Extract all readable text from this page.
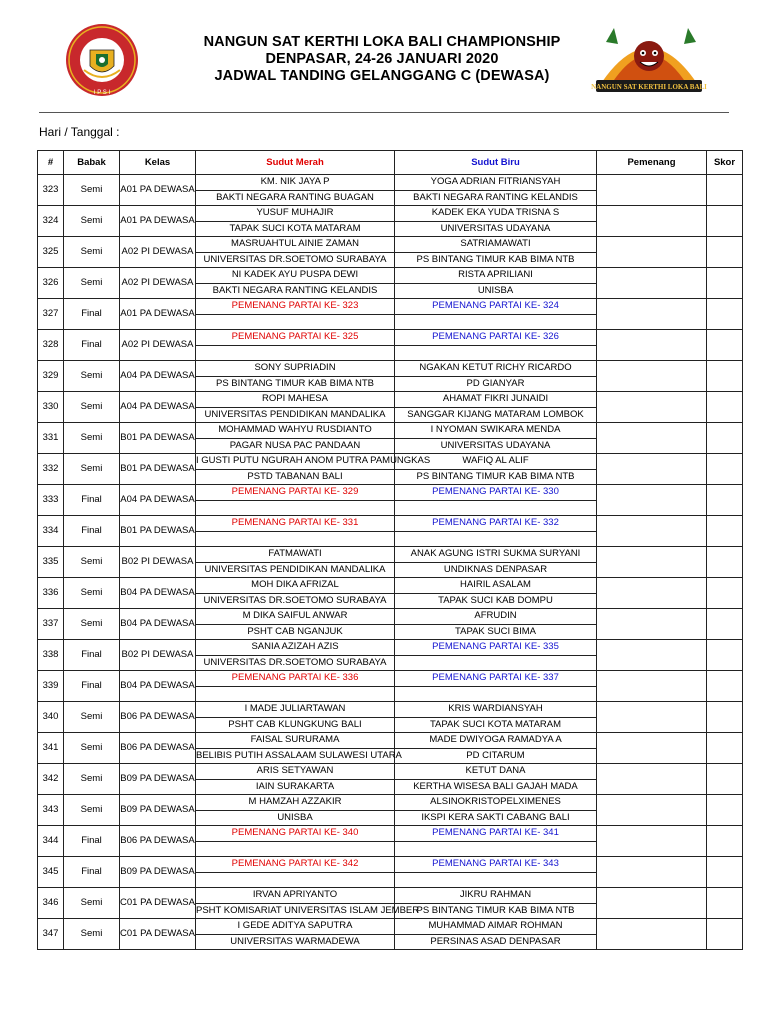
I P S I
NANGUN SAT KERTHI LOKA BALI CHAMPIONSHIP
DENPASAR, 24-26 JANUARI 2020
JADWAL TANDING GELANGGANG C (DEWASA)
NANGUN SAT KERTHI LOKA BALI
Hari / Tanggal :
#	Babak	Kelas	Sudut Merah	Sudut Biru	Pemenang	Skor
323	Semi	A01 PA DEWASA	KM. NIK JAYA P	YOGA ADRIAN FITRIANSYAH		
			BAKTI NEGARA RANTING BUAGAN	BAKTI NEGARA RANTING KELANDIS		
324	Semi	A01 PA DEWASA	YUSUF MUHAJIR	KADEK EKA YUDA TRISNA S		
			TAPAK SUCI KOTA MATARAM	UNIVERSITAS UDAYANA		
325	Semi	A02 PI DEWASA	MASRUAHTUL AINIE ZAMAN	SATRIAMAWATI		
			UNIVERSITAS DR.SOETOMO SURABAYA	PS BINTANG TIMUR KAB BIMA NTB		
326	Semi	A02 PI DEWASA	NI KADEK AYU PUSPA DEWI	RISTA APRILIANI		
			BAKTI NEGARA RANTING KELANDIS	UNISBA		
327	Final	A01 PA DEWASA	PEMENANG PARTAI KE- 323	PEMENANG PARTAI KE- 324		

328	Final	A02 PI DEWASA	PEMENANG PARTAI KE- 325	PEMENANG PARTAI KE- 326		

329	Semi	A04 PA DEWASA	SONY SUPRIADIN	NGAKAN KETUT RICHY RICARDO		
			PS BINTANG TIMUR KAB BIMA NTB	PD GIANYAR		
330	Semi	A04 PA DEWASA	ROPI MAHESA	AHAMAT FIKRI JUNAIDI		
			UNIVERSITAS PENDIDIKAN MANDALIKA	SANGGAR KIJANG MATARAM LOMBOK		
331	Semi	B01 PA DEWASA	MOHAMMAD WAHYU RUSDIANTO	I NYOMAN SWIKARA MENDA		
			PAGAR NUSA PAC PANDAAN	UNIVERSITAS UDAYANA		
332	Semi	B01 PA DEWASA	I GUSTI PUTU NGURAH ANOM PUTRA PAMUNGKAS	WAFIQ AL ALIF		
			PSTD TABANAN BALI	PS BINTANG TIMUR KAB BIMA NTB		
333	Final	A04 PA DEWASA	PEMENANG PARTAI KE- 329	PEMENANG PARTAI KE- 330		

334	Final	B01 PA DEWASA	PEMENANG PARTAI KE- 331	PEMENANG PARTAI KE- 332		

335	Semi	B02 PI DEWASA	FATMAWATI	ANAK AGUNG ISTRI SUKMA SURYANI		
			UNIVERSITAS PENDIDIKAN MANDALIKA	UNDIKNAS DENPASAR		
336	Semi	B04 PA DEWASA	MOH DIKA AFRIZAL	HAIRIL ASALAM		
			UNIVERSITAS DR.SOETOMO SURABAYA	TAPAK SUCI KAB DOMPU		
337	Semi	B04 PA DEWASA	M DIKA SAIFUL ANWAR	AFRUDIN		
			PSHT CAB NGANJUK	TAPAK SUCI BIMA		
338	Final	B02 PI DEWASA	SANIA AZIZAH AZIS	PEMENANG PARTAI KE- 335		
			UNIVERSITAS DR.SOETOMO SURABAYA			
339	Final	B04 PA DEWASA	PEMENANG PARTAI KE- 336	PEMENANG PARTAI KE- 337		

340	Semi	B06 PA DEWASA	I MADE JULIARTAWAN	KRIS WARDIANSYAH		
			PSHT CAB KLUNGKUNG BALI	TAPAK SUCI KOTA MATARAM		
341	Semi	B06 PA DEWASA	FAISAL SURURAMA	MADE DWIYOGA RAMADYA A		
			BELIBIS PUTIH ASSALAAM SULAWESI UTARA	PD CITARUM		
342	Semi	B09 PA DEWASA	ARIS SETYAWAN	KETUT DANA		
			IAIN SURAKARTA	KERTHA WISESA BALI GAJAH MADA		
343	Semi	B09 PA DEWASA	M HAMZAH AZZAKIR	ALSINOKRISTOPELXIMENES		
			UNISBA	IKSPI KERA SAKTI CABANG BALI		
344	Final	B06 PA DEWASA	PEMENANG PARTAI KE- 340	PEMENANG PARTAI KE- 341		

345	Final	B09 PA DEWASA	PEMENANG PARTAI KE- 342	PEMENANG PARTAI KE- 343		

346	Semi	C01 PA DEWASA	IRVAN APRIYANTO	JIKRU RAHMAN		
			PSHT KOMISARIAT UNIVERSITAS ISLAM JEMBER	PS BINTANG TIMUR KAB BIMA NTB		
347	Semi	C01 PA DEWASA	I GEDE ADITYA SAPUTRA	MUHAMMAD AIMAR ROHMAN		
			UNIVERSITAS WARMADEWA	PERSINAS ASAD DENPASAR		
